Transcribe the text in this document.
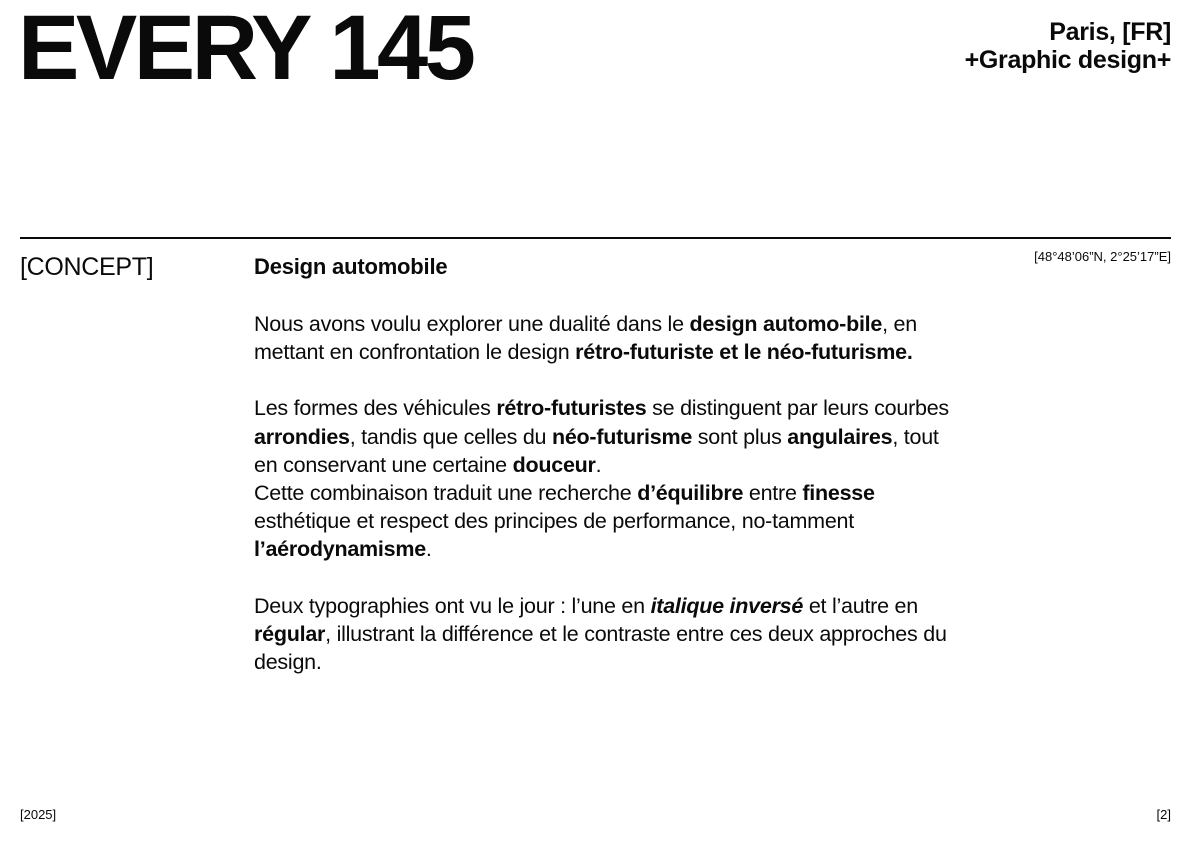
EVERY 145	Paris, [FR]
+Graphic design+
[CONCEPT]	[48°48’06”N, 2°25’17”E]
Design automobile

Nous avons voulu explorer une dualité dans le design automo-bile, en mettant en confrontation le design rétro-futuriste et le néo-futurisme.

Les formes des véhicules rétro-futuristes se distinguent par leurs courbes arrondies, tandis que celles du néo-futurisme sont plus angulaires, tout en conservant une certaine douceur.
Cette combinaison traduit une recherche d’équilibre entre finesse esthétique et respect des principes de performance, no-tamment l’aérodynamisme.

Deux typographies ont vu le jour : l’une en italique inversé et l’autre en régular, illustrant la différence et le contraste entre ces deux approches du design.

[2025]	[2]
